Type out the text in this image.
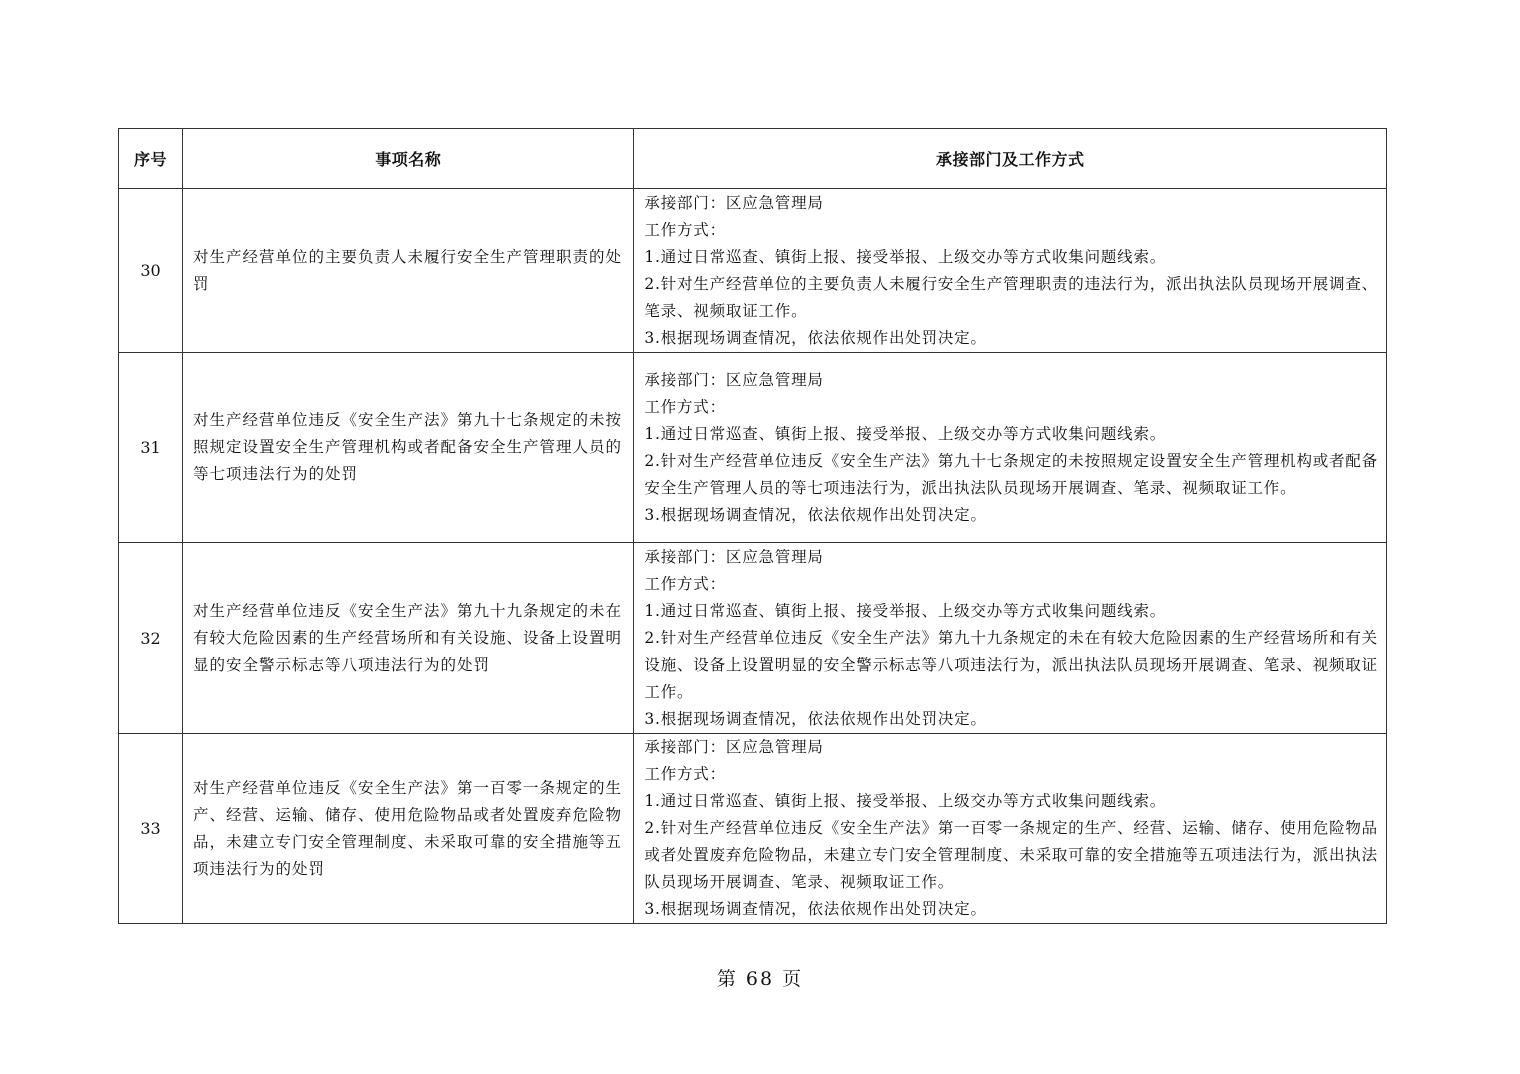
序号	事项名称	承接部门及工作方式
30	对生产经营单位的主要负责人未履行安全生产管理职责的处罚	承接部门：区应急管理局
工作方式：
1.通过日常巡查、镇街上报、接受举报、上级交办等方式收集问题线索。
2.针对生产经营单位的主要负责人未履行安全生产管理职责的违法行为，派出执法队员现场开展调查、笔录、视频取证工作。
3.根据现场调查情况，依法依规作出处罚决定。

31	对生产经营单位违反《安全生产法》第九十七条规定的未按照规定设置安全生产管理机构或者配备安全生产管理人员的等七项违法行为的处罚	承接部门：区应急管理局
工作方式：
1.通过日常巡查、镇街上报、接受举报、上级交办等方式收集问题线索。
2.针对生产经营单位违反《安全生产法》第九十七条规定的未按照规定设置安全生产管理机构或者配备安全生产管理人员的等七项违法行为，派出执法队员现场开展调查、笔录、视频取证工作。
3.根据现场调查情况，依法依规作出处罚决定。

32	对生产经营单位违反《安全生产法》第九十九条规定的未在有较大危险因素的生产经营场所和有关设施、设备上设置明显的安全警示标志等八项违法行为的处罚	承接部门：区应急管理局
工作方式：
1.通过日常巡查、镇街上报、接受举报、上级交办等方式收集问题线索。
2.针对生产经营单位违反《安全生产法》第九十九条规定的未在有较大危险因素的生产经营场所和有关设施、设备上设置明显的安全警示标志等八项违法行为，派出执法队员现场开展调查、笔录、视频取证工作。
3.根据现场调查情况，依法依规作出处罚决定。

33	对生产经营单位违反《安全生产法》第一百零一条规定的生产、经营、运输、储存、使用危险物品或者处置废弃危险物品，未建立专门安全管理制度、未采取可靠的安全措施等五项违法行为的处罚	承接部门：区应急管理局
工作方式：
1.通过日常巡查、镇街上报、接受举报、上级交办等方式收集问题线索。
2.针对生产经营单位违反《安全生产法》第一百零一条规定的生产、经营、运输、储存、使用危险物品或者处置废弃危险物品，未建立专门安全管理制度、未采取可靠的安全措施等五项违法行为，派出执法队员现场开展调查、笔录、视频取证工作。
3.根据现场调查情况，依法依规作出处罚决定。
第 68 页
